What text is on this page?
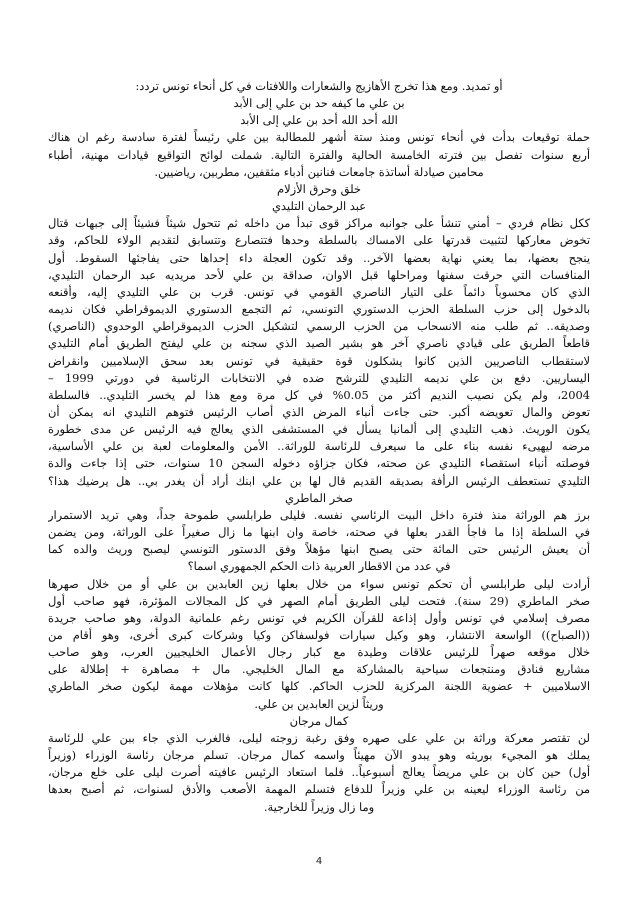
أو تمديد. ومع هذا تخرج الأهازيج والشعارات واللافتات في كل أنحاء تونس تردد:
بن علي ما كيفه حد بن علي إلى الأبد
الله أحد الله أحد بن علي إلى الأبد
حملة توقيعات بدأت في أنحاء تونس ومنذ ستة أشهر للمطالبة بين علي رئيساً لفترة سادسة رغم ان هناك
أربع سنوات تفصل بين فترته الخامسة الحالية والفترة التالية. شملت لوائح التواقيع قيادات مهنية، أطباء
محامين صيادلة أساتذة جامعات فنانين أدباء مثقفين، مطربين، رياضيين.
خلق وحرق الأزلام
عبد الرحمان التليدي
ككل نظام فردي – أمني تنشأ على جوانبه مراكز قوى تبدأ من داخله ثم تتحول شيئاً فشيئاً إلى جبهات قتال
تخوض معاركها لتثبيت قدرتها على الامساك بالسلطة وحدها فتتصارع وتتسابق لتقديم الولاء للحاكم، وقد
ينجح بعضها، بما يعني نهاية بعضها الآخر.. وقد تكون العجلة داء إحداها حتى يفاجئها السقوط. أول
المنافسات التي حرقت سفنها ومراحلها قبل الاوان، صداقة بن علي لأحد مريديه عبد الرحمان التليدي،
الذي كان محسوباً دائماً على التيار الناصري القومي في تونس. قرب بن علي التليدي إليه، وأقنعه
بالدخول إلى حزب السلطة الحزب الدستوري التونسي، ثم التجمع الدستوري الديموقراطي فكان نديمه
وصديقه.. ثم طلب منه الانسحاب من الحزب الرسمي لتشكيل الحزب الديموقراطي الوحدوي (الناصري)
قاطعاً الطريق على قيادي ناصري آخر هو بشير الصيد الذي سجنه بن علي ليفتح الطريق أمام التليدي
لاستقطاب الناصريين الذين كانوا يشكلون قوة حقيقية في تونس بعد سحق الإسلاميين وانقراض
اليساريين. دفع بن علي نديمه التليدي للترشح ضده في الانتخابات الرئاسية في دورتي 1999 –
2004، ولم يكن نصيب النديم أكثر من 0.05% في كل مرة ومع هذا لم يخسر التليدي.. فالسلطة
تعوض والمال تعويضه أكبر. حتى جاءت أنباء المرض الذي أصاب الرئيس فتوهم التليدي انه يمكن أن
يكون الوريث. ذهب التليدي إلى ألمانيا يسأل في المستشفى الذي يعالج فيه الرئيس عن مدى خطورة
مرضه ليهيىء نفسه بناء على ما سيعرف للرئاسة للوراثة.. الأمن والمعلومات لعبة بن علي الأساسية،
فوصلته أنباء استقصاء التليدي عن صحته، فكان جزاؤه دخوله السجن 10 سنوات، حتى إذا جاءت والدة
التليدي تستعطف الرئيس الرأفة بصديقه القديم قال لها بن علي ابنك أراد أن يغدر بي.. هل يرضيك هذا؟
صخر الماطري
برز هم الوراثة منذ فترة داخل البيت الرئاسي نفسه. فليلى طرابلسي طموحة جداً، وهي تريد الاستمرار
في السلطة إذا ما فاجأ القدر بعلها في صحته، خاصة وان ابنها ما زال صغيراً على الوراثة، ومن يضمن
أن يعيش الرئيس حتى المائة حتى يصبح ابنها مؤهلاً وفق الدستور التونسي ليصبح وريث والده كما
في عدد من الاقطار العربية ذات الحكم الجمهوري اسما؟
أرادت ليلى طرابلسي أن تحكم تونس سواء من خلال بعلها زين العابدين بن علي أو من خلال صهرها
صخر الماطري (29 سنة). فتحت ليلى الطريق أمام الصهر في كل المجالات المؤثرة، فهو صاحب أول
مصرف إسلامي في تونس وأول إذاعة للقرآن الكريم في تونس رغم علمانية الدولة، وهو صاحب جريدة
((الصباح)) الواسعة الانتشار، وهو وكيل سيارات فولسفاكن وكيا وشركات كبرى أخرى، وهو أقام من
خلال موقعه صهراً للرئيس علاقات وطيدة مع كبار رجال الأعمال الخليجيين العرب، وهو صاحب
مشاريع فنادق ومنتجعات سياحية بالمشاركة مع المال الخليجي. مال + مصاهرة + إطلالة على
الاسلاميين + عضوية اللجنة المركزية للحزب الحاكم. كلها كانت مؤهلات مهمة ليكون صخر الماطري
وريثاً لزين العابدين بن علي.
كمال مرجان
لن تقتصر معركة وراثة بن علي على صهره وفق رغبة زوجته ليلى، فالغرب الذي جاء ببن علي للرئاسة
يملك هو المجيء بوريثه وهو يبدو الآن مهيئاً واسمه كمال مرجان. تسلم مرجان رئاسة الوزراء (وزيراً
أول) حين كان بن علي مريضاً يعالج أسبوعياً.. فلما استعاد الرئيس عافيته أصرت ليلى على خلع مرجان،
من رئاسة الوزراء ليعينه بن علي وزيراً للدفاع فتسلم المهمة الأصعب والأدق لسنوات، ثم أصبح بعدها
وما زال وزيراً للخارجية.
4
